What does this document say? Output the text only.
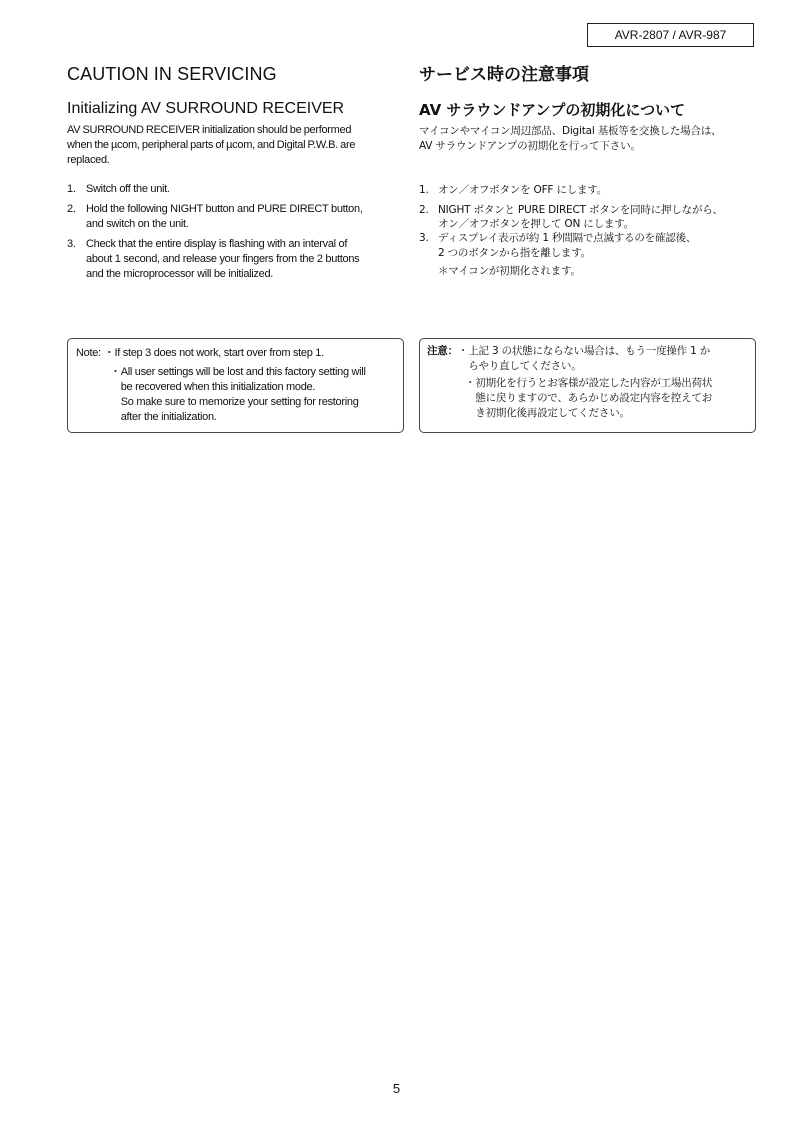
AVR-2807 / AVR-987
CAUTION IN SERVICING
Initializing AV SURROUND RECEIVER
AV SURROUND RECEIVER initialization should be performed
when the µcom, peripheral parts of µcom, and Digital P.W.B. are
replaced.
1. Switch off the unit.
2. Hold the following NIGHT button and PURE DIRECT button,
and switch on the unit.
3. Check that the entire display is flashing with an interval of
about 1 second, and release your fingers from the 2 buttons
and the microprocessor will be initialized.
Note: ・ If step 3 does not work, start over from step 1.
・ All user settings will be lost and this factory setting will
be recovered when this initialization mode.
So make sure to memorize your setting for restoring
after the initialization.
サービス時の注意事項
AV サラウンドアンプの初期化について
マイコンやマイコン周辺部品、Digital 基板等を交換した場合は、
AV サラウンドアンプの初期化を行って下さい。
1. オン／オフボタンを OFF にします。
2. NIGHT ボタンと PURE DIRECT ボタンを同時に押しながら、
オン／オフボタンを押して ON にします。
3. ディスプレイ表示が約 1 秒間隔で点滅するのを確認後、
2 つのボタンから指を離します。
＊マイコンが初期化されます。
注意： ・ 上記 3 の状態にならない場合は、もう一度操作 1 か
らやり直してください。
・ 初期化を行うとお客様が設定した内容が工場出荷状
態に戻りますので、あらかじめ設定内容を控えてお
き初期化後再設定してください。
5
